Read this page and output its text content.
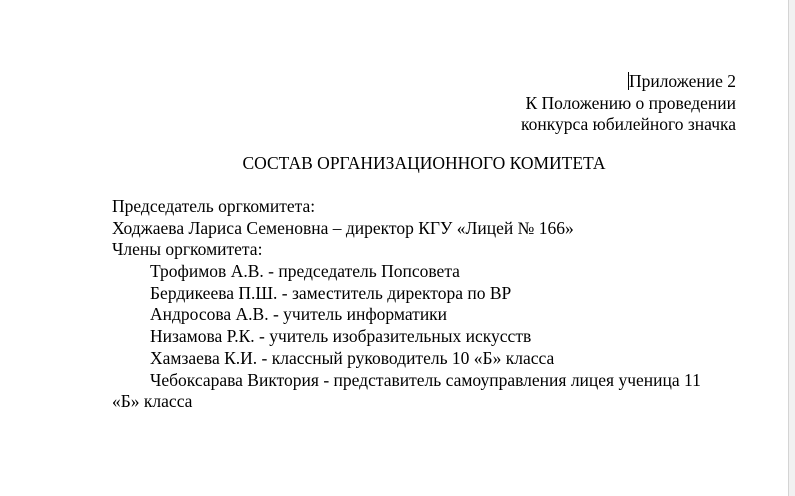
Приложение 2
К Положению о проведении
конкурса юбилейного значка
СОСТАВ ОРГАНИЗАЦИОННОГО КОМИТЕТА
Председатель оргкомитета:
Ходжаева Лариса Семеновна – директор КГУ «Лицей № 166»
Члены оргкомитета:
Трофимов А.В. - председатель Попсовета
Бердикеева П.Ш. - заместитель директора по ВР
Андросова А.В. - учитель информатики
Низамова Р.К. - учитель изобразительных искусств
Хамзаева К.И. - классный руководитель 10 «Б» класса
Чебоксарава Виктория - представитель самоуправления лицея ученица 11
«Б» класса
